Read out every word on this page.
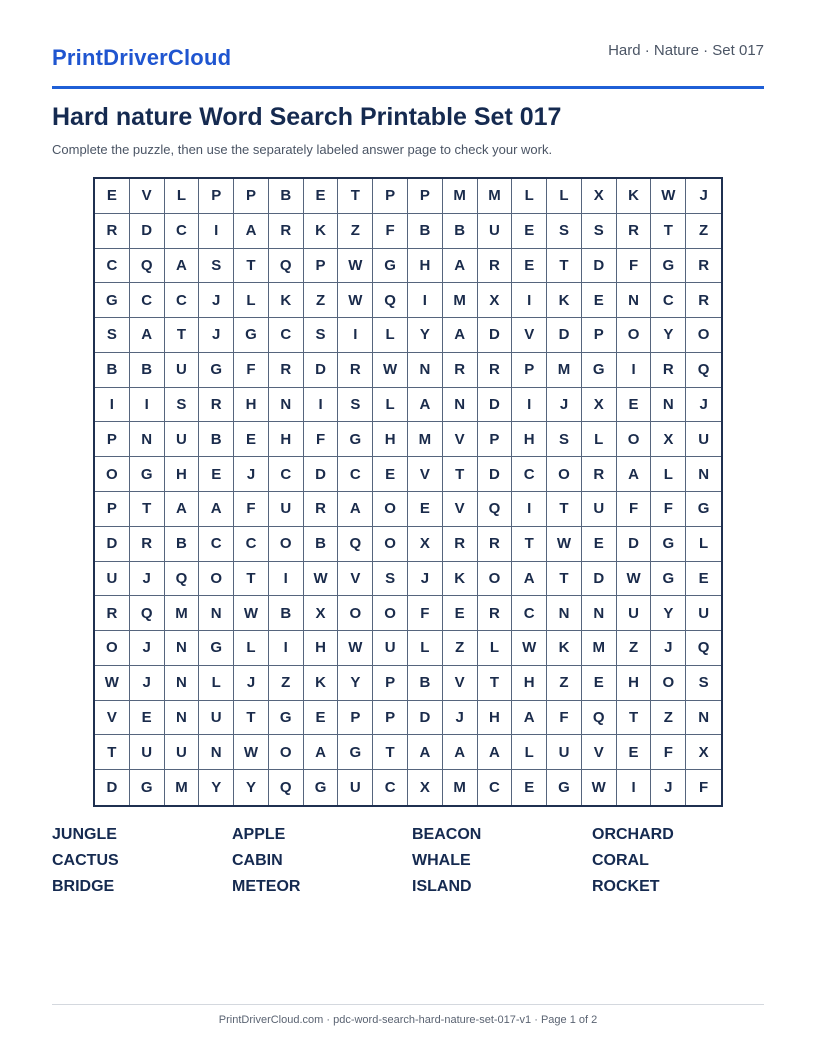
PrintDriverCloud	Hard · Nature · Set 017
Hard nature Word Search Printable Set 017
Complete the puzzle, then use the separately labeled answer page to check your work.
E	V	L	P	P	B	E	T	P	P	M	M	L	L	X	K	W	J
R	D	C	I	A	R	K	Z	F	B	B	U	E	S	S	R	T	Z
C	Q	A	S	T	Q	P	W	G	H	A	R	E	T	D	F	G	R
G	C	C	J	L	K	Z	W	Q	I	M	X	I	K	E	N	C	R
S	A	T	J	G	C	S	I	L	Y	A	D	V	D	P	O	Y	O
B	B	U	G	F	R	D	R	W	N	R	R	P	M	G	I	R	Q
I	I	S	R	H	N	I	S	L	A	N	D	I	J	X	E	N	J
P	N	U	B	E	H	F	G	H	M	V	P	H	S	L	O	X	U
O	G	H	E	J	C	D	C	E	V	T	D	C	O	R	A	L	N
P	T	A	A	F	U	R	A	O	E	V	Q	I	T	U	F	F	G
D	R	B	C	C	O	B	Q	O	X	R	R	T	W	E	D	G	L
U	J	Q	O	T	I	W	V	S	J	K	O	A	T	D	W	G	E
R	Q	M	N	W	B	X	O	O	F	E	R	C	N	N	U	Y	U
O	J	N	G	L	I	H	W	U	L	Z	L	W	K	M	Z	J	Q
W	J	N	L	J	Z	K	Y	P	B	V	T	H	Z	E	H	O	S
V	E	N	U	T	G	E	P	P	D	J	H	A	F	Q	T	Z	N
T	U	U	N	W	O	A	G	T	A	A	A	L	U	V	E	F	X
D	G	M	Y	Y	Q	G	U	C	X	M	C	E	G	W	I	J	F
JUNGLE	APPLE	BEACON	ORCHARD
CACTUS	CABIN	WHALE	CORAL
BRIDGE	METEOR	ISLAND	ROCKET
PrintDriverCloud.com · pdc-word-search-hard-nature-set-017-v1 · Page 1 of 2
